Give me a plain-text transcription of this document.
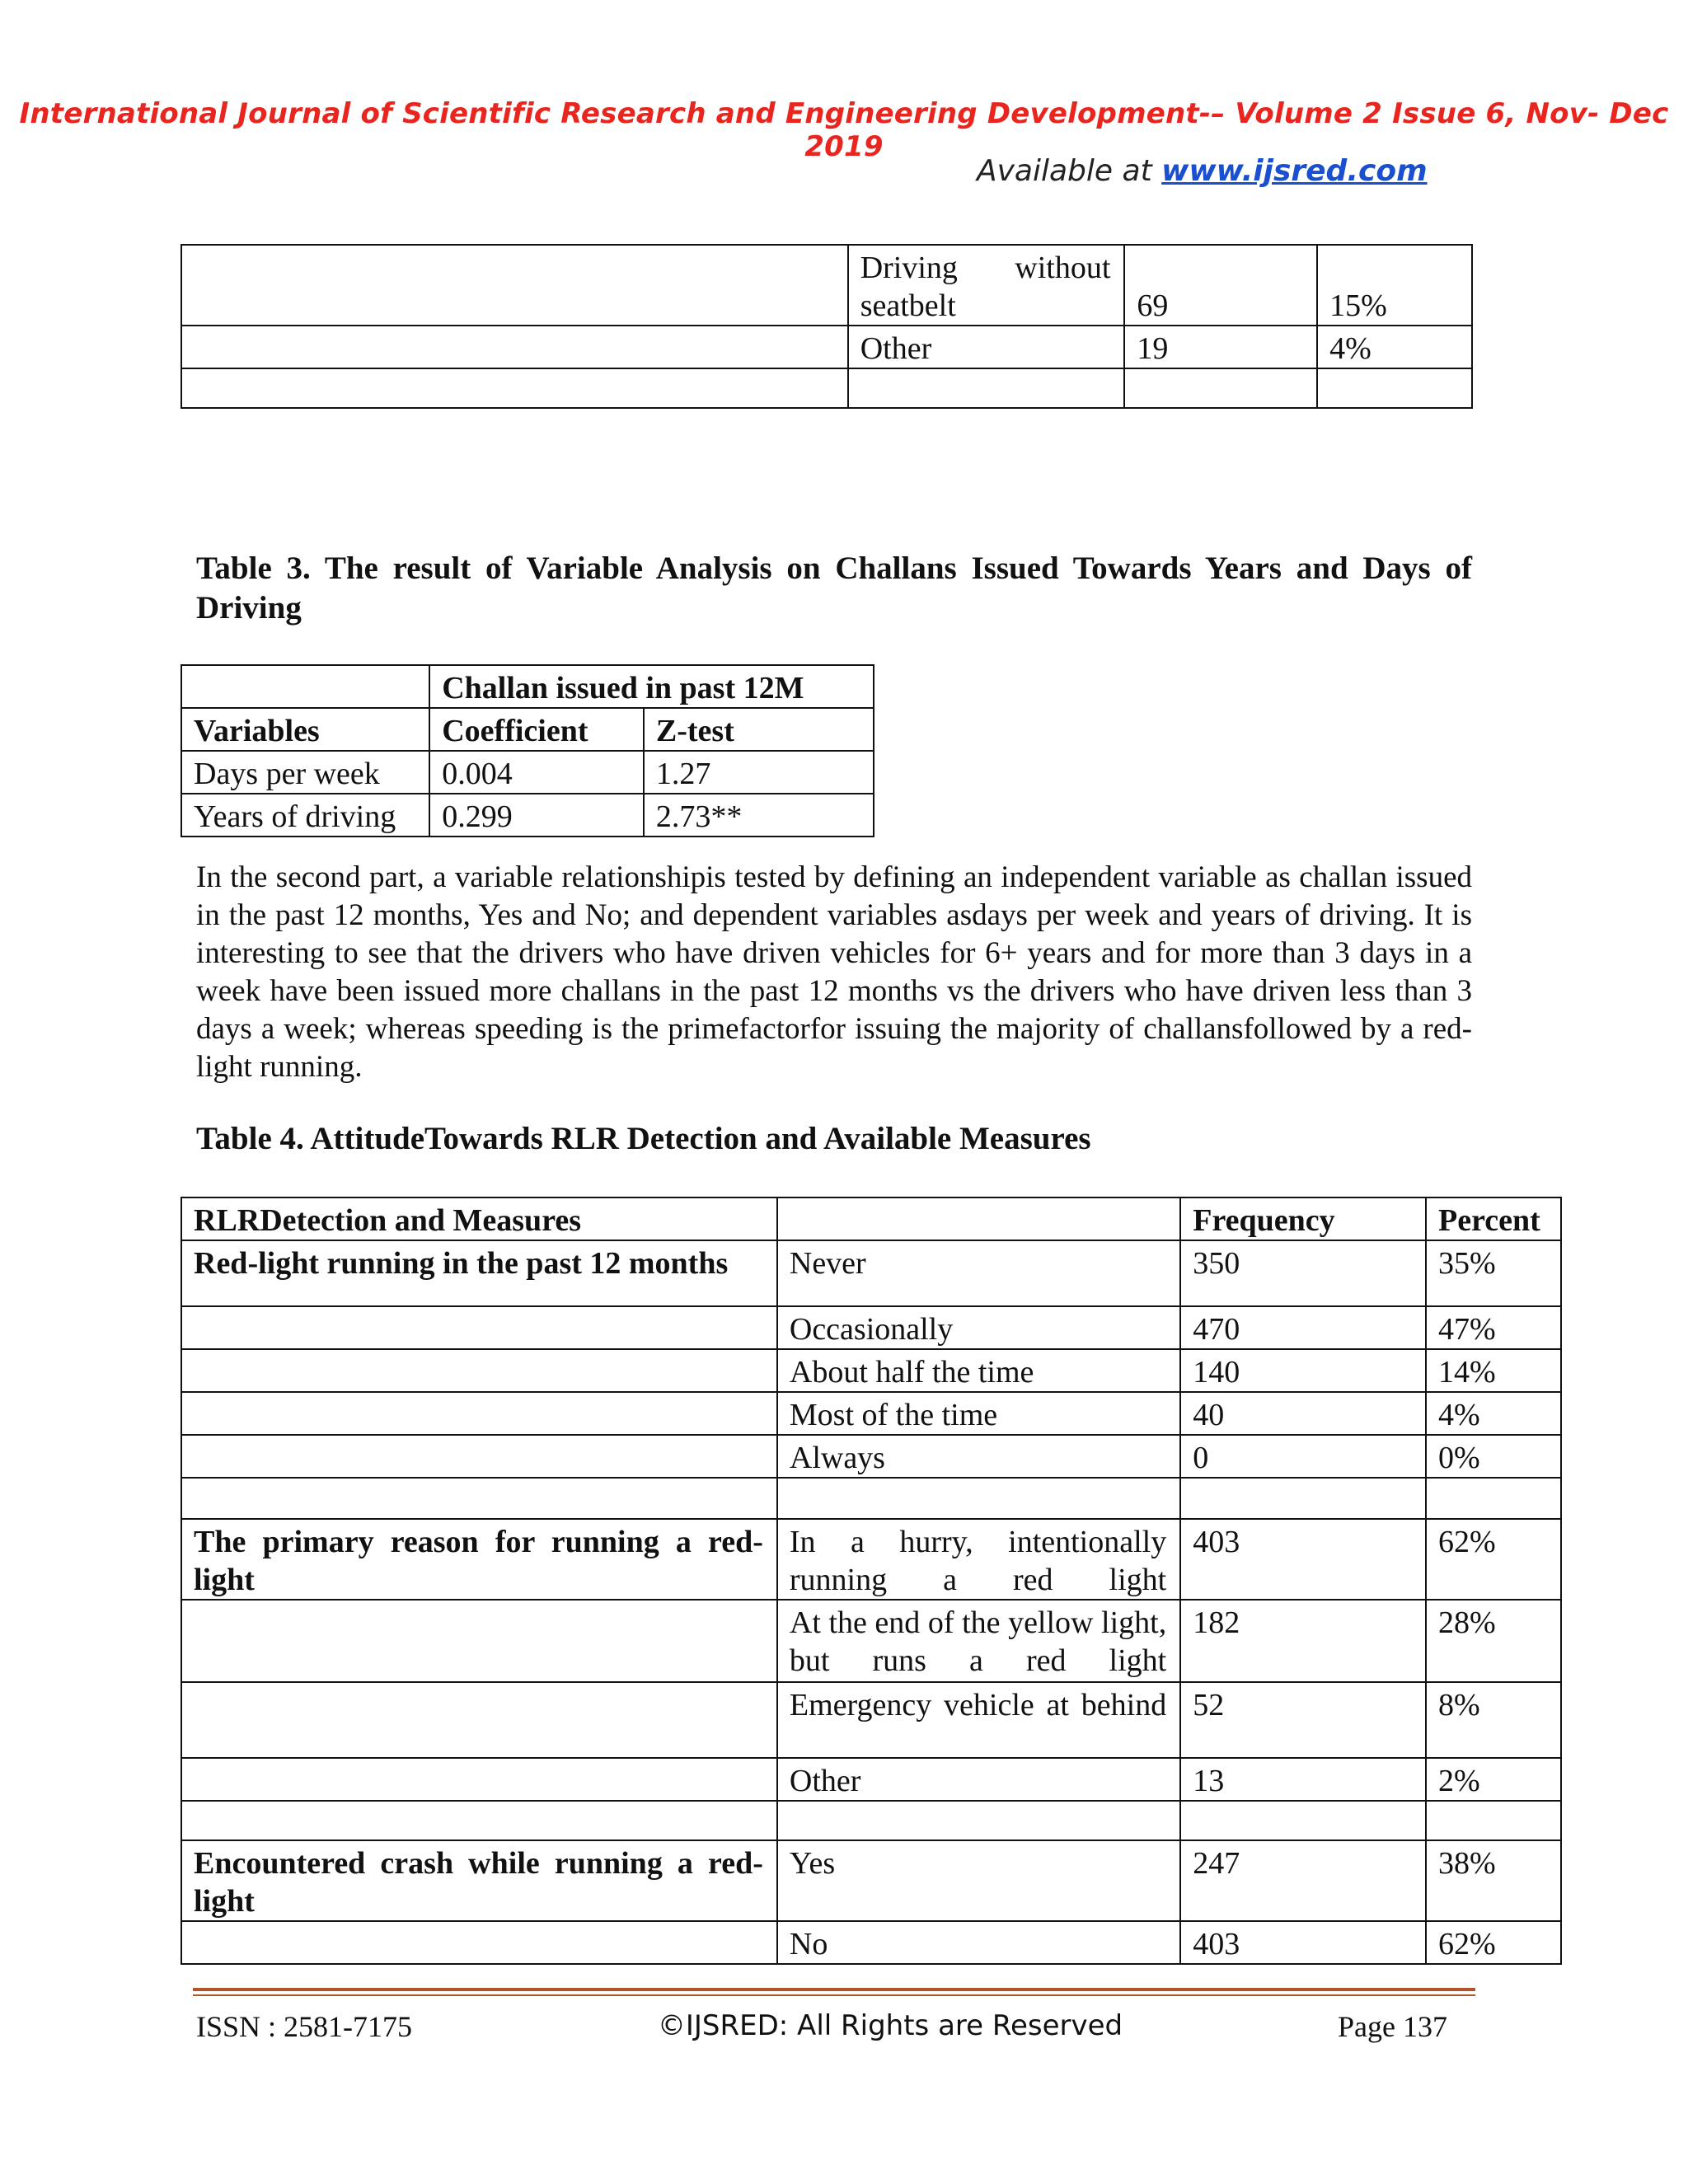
International Journal of Scientific Research and Engineering Development-– Volume 2 Issue 6, Nov- Dec 2019
Available at www.ijsred.com

	Driving without seatbelt	69	15%
	Other	19	4%

Table 3. The result of Variable Analysis on Challans Issued Towards Years and Days of Driving
	Challan issued in past 12M	
Variables	Coefficient	Z-test
Days per week	0.004	1.27
Years of driving	0.299	2.73**
In the second part, a variable relationshipis tested by defining an independent variable as challan issued in the past 12 months, Yes and No; and dependent variables asdays per week and years of driving. It is interesting to see that the drivers who have driven vehicles for 6+ years and for more than 3 days in a week have been issued more challans in the past 12 months vs the drivers who have driven less than 3 days a week; whereas speeding is the primefactorfor issuing the majority of challansfollowed by a red-light running.
Table 4. AttitudeTowards RLR Detection and Available Measures
RLRDetection and Measures		Frequency	Percent
Red-light running in the past 12 months	Never	350	35%
	Occasionally	470	47%
	About half the time	140	14%
	Most of the time	40	4%
	Always	0	0%

The primary reason for running a red-light	In a hurry, intentionally running a red light	403	62%

	At the end of the yellow light, but runs a red light	182	28%

	Emergency vehicle at behind	52	8%
	Other	13	2%

Encountered crash while running a red-light	Yes	247	38%
	No	403	62%
ISSN : 2581-7175	©IJSRED: All Rights are Reserved	Page 137
